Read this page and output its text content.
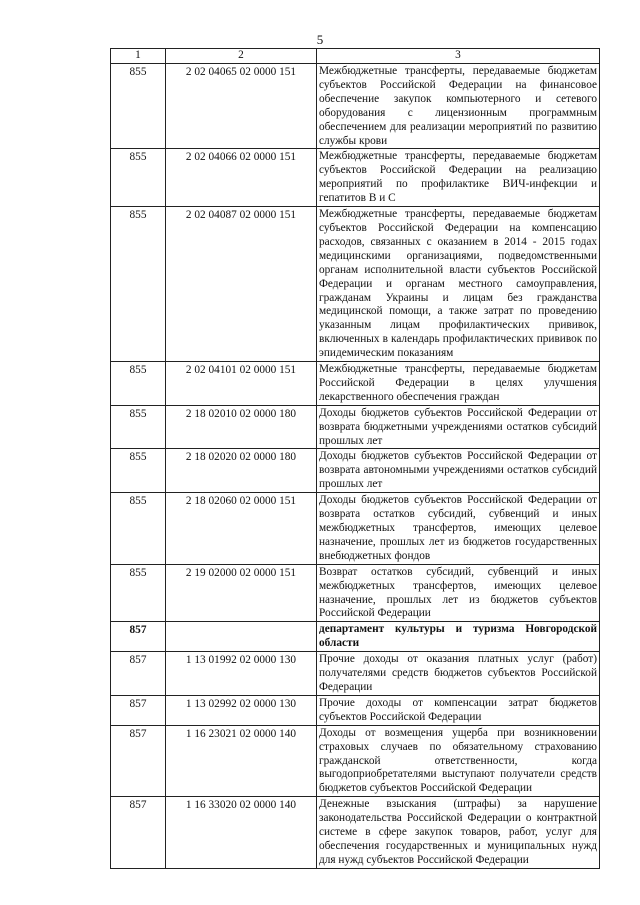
5
1	2	3
855	2 02 04065 02 0000 151	Межбюджетные трансферты, передаваемые бюджетам субъектов Российской Федерации на финансовое обеспечение закупок компьютерного и сетевого оборудования с лицензионным программным обеспечением для реализации мероприятий по развитию службы крови
855	2 02 04066 02 0000 151	Межбюджетные трансферты, передаваемые бюджетам субъектов Российской Федерации на реализацию мероприятий по профилактике ВИЧ-инфекции и гепатитов B и C
855	2 02 04087 02 0000 151	Межбюджетные трансферты, передаваемые бюджетам субъектов Российской Федерации на компенсацию расходов, связанных с оказанием в 2014 - 2015 годах медицинскими организациями, подведомственными органам исполнительной власти субъектов Российской Федерации и органам местного самоуправления, гражданам Украины и лицам без гражданства медицинской помощи, а также затрат по проведению указанным лицам профилактических прививок, включенных в календарь профилактических прививок по эпидемическим показаниям
855	2 02 04101 02 0000 151	Межбюджетные трансферты, передаваемые бюджетам Российской Федерации в целях улучшения лекарственного обеспечения граждан
855	2 18 02010 02 0000 180	Доходы бюджетов субъектов Российской Федерации от возврата бюджетными учреждениями остатков субсидий прошлых лет
855	2 18 02020 02 0000 180	Доходы бюджетов субъектов Российской Федерации от возврата автономными учреждениями остатков субсидий прошлых лет
855	2 18 02060 02 0000 151	Доходы бюджетов субъектов Российской Федерации от возврата остатков субсидий, субвенций и иных межбюджетных трансфертов, имеющих целевое назначение, прошлых лет из бюджетов государственных внебюджетных фондов
855	2 19 02000 02 0000 151	Возврат остатков субсидий, субвенций и иных межбюджетных трансфертов, имеющих целевое назначение, прошлых лет из бюджетов субъектов Российской Федерации
857		департамент культуры и туризма Новгородской области
857	1 13 01992 02 0000 130	Прочие доходы от оказания платных услуг (работ) получателями средств бюджетов субъектов Российской Федерации
857	1 13 02992 02 0000 130	Прочие доходы от компенсации затрат бюджетов субъектов Российской Федерации
857	1 16 23021 02 0000 140	Доходы от возмещения ущерба при возникновении страховых случаев по обязательному страхованию гражданской ответственности, когда выгодоприобретателями выступают получатели средств бюджетов субъектов Российской Федерации
857	1 16 33020 02 0000 140	Денежные взыскания (штрафы) за нарушение законодательства Российской Федерации о контрактной системе в сфере закупок товаров, работ, услуг для обеспечения государственных и муниципальных нужд для нужд субъектов Российской Федерации
